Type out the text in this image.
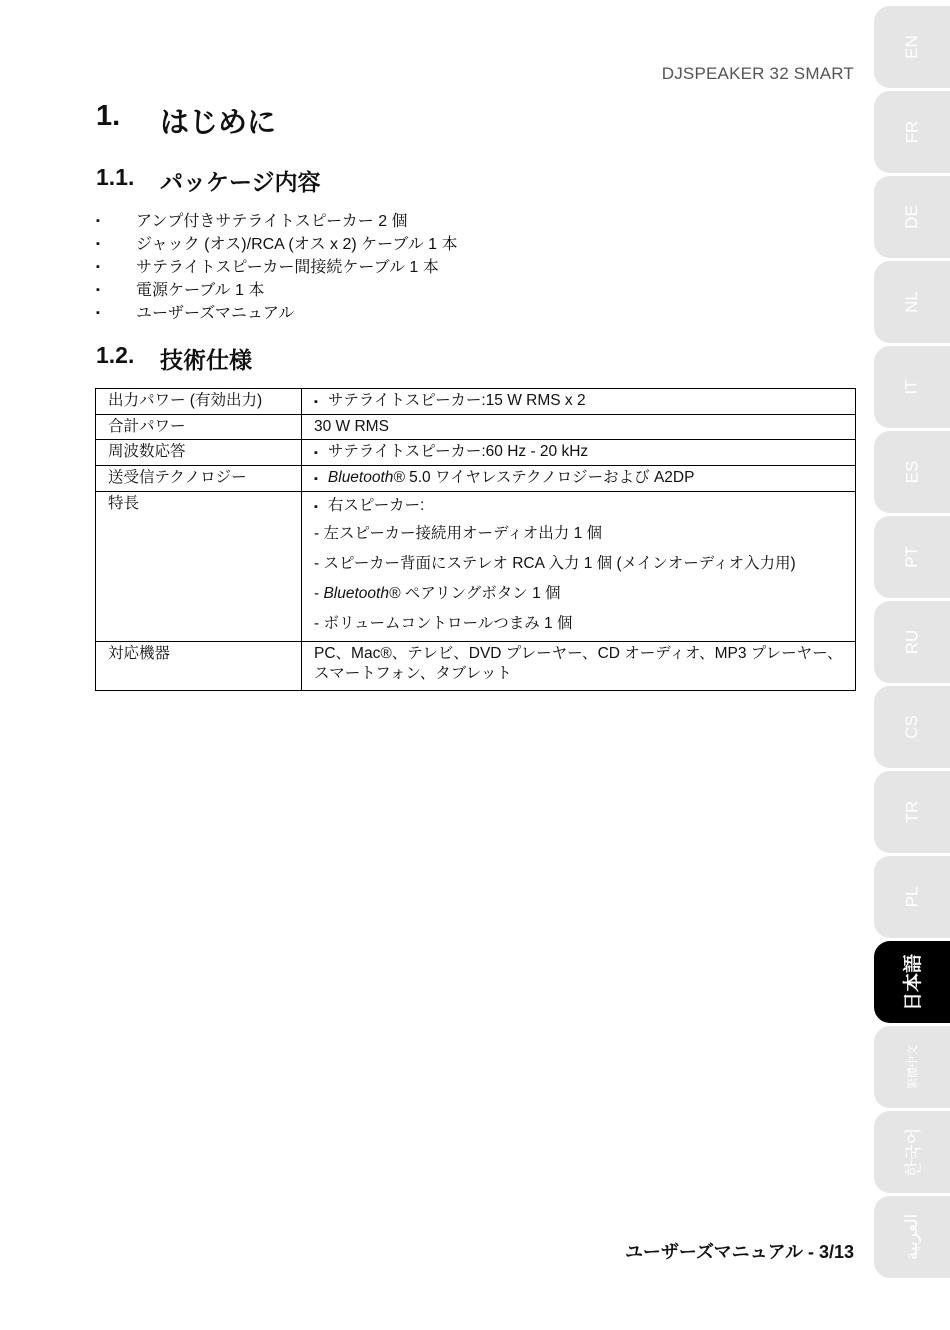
DJSPEAKER 32 SMART
1.	はじめに
1.1.	パッケージ内容
▪	アンプ付きサテライトスピーカー 2 個
▪	ジャック (オス)/RCA (オス x 2) ケーブル 1 本
▪	サテライトスピーカー間接続ケーブル 1 本
▪	電源ケーブル 1 本
▪	ユーザーズマニュアル
1.2.	技術仕様
出力パワー (有効出力)	▪ サテライトスピーカー:15 W RMS x 2
合計パワー	30 W RMS
周波数応答	▪ サテライトスピーカー:60 Hz - 20 kHz
送受信テクノロジー	▪ Bluetooth® 5.0 ワイヤレステクノロジーおよび A2DP
特長	▪ 右スピーカー:
- 左スピーカー接続用オーディオ出力 1 個
- スピーカー背面にステレオ RCA 入力 1 個 (メインオーディオ入力用)
- Bluetooth® ペアリングボタン 1 個
- ボリュームコントロールつまみ 1 個

対応機器	PC、Mac®、テレビ、DVD プレーヤー、CD オーディオ、MP3 プレーヤー、スマートフォン、タブレット
ユーザーズマニュアル - 3/13
EN
FR
DE
NL
IT
ES
PT
RU
CS
TR
PL
日本語
繁體中文
한국어
العربية
